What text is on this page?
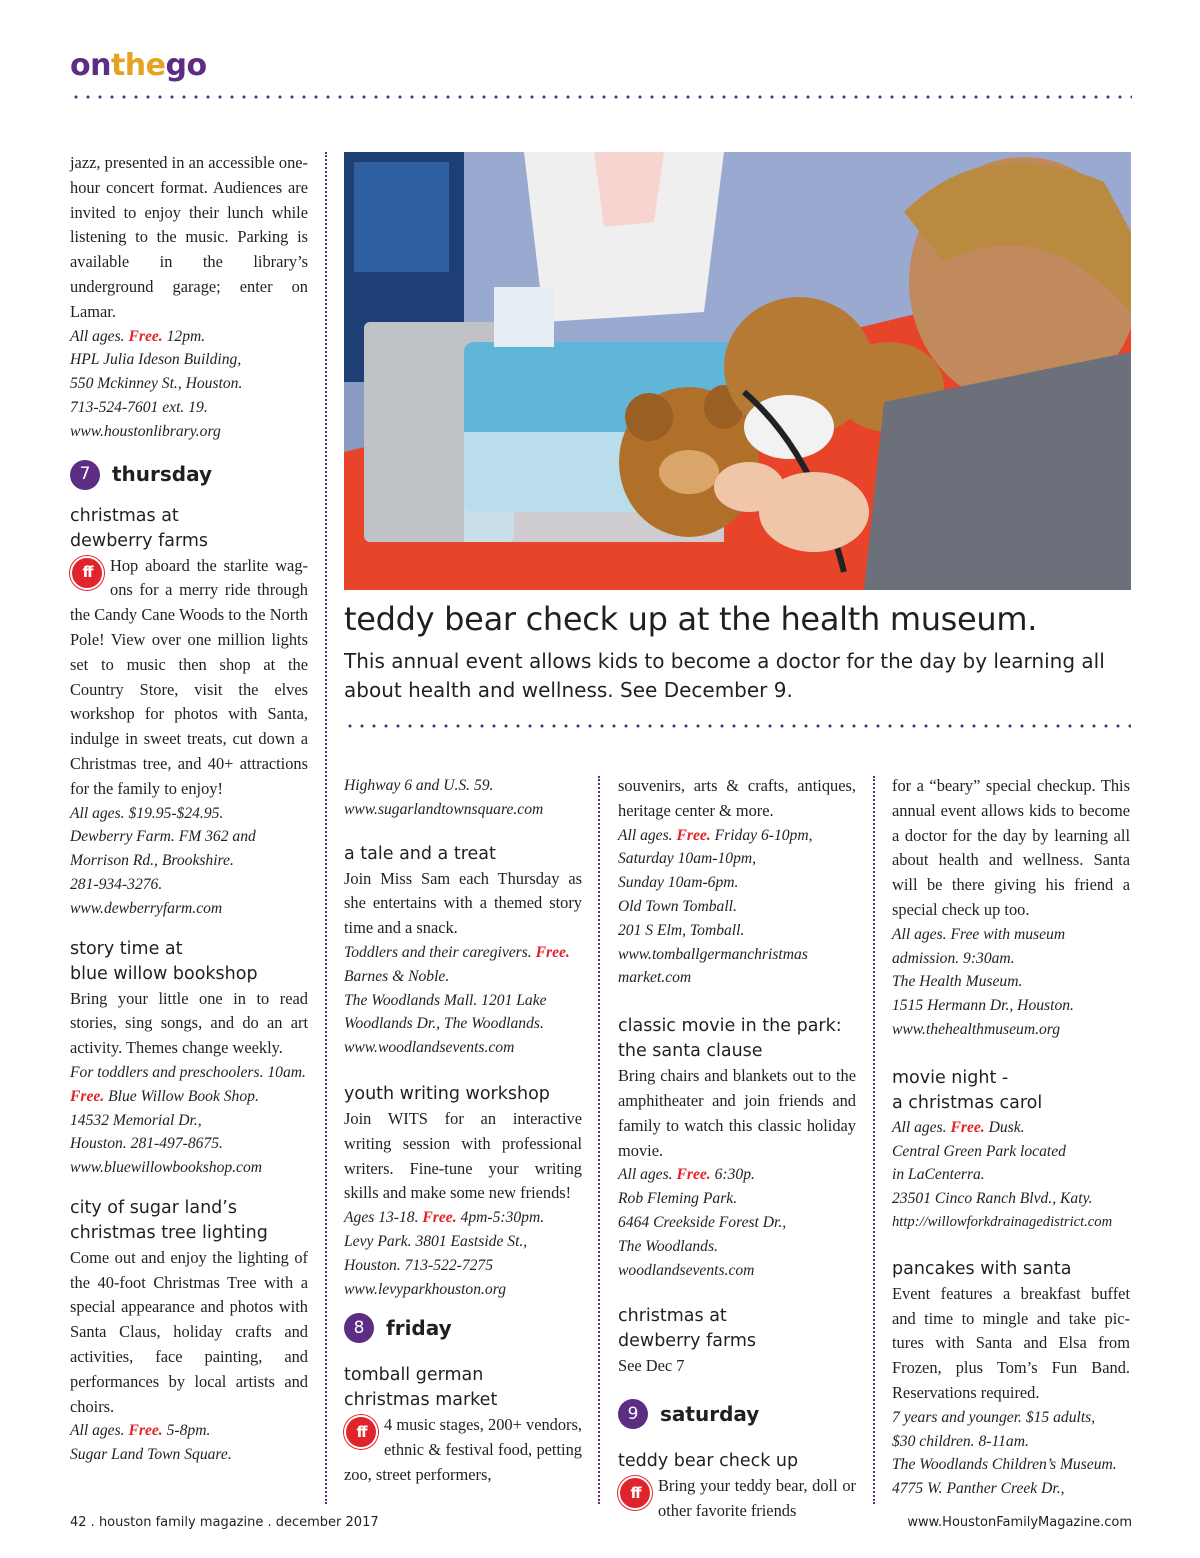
onthego

jazz, presented in an accessible one-hour concert format. Audiences are invited to enjoy their lunch while listening to the music. Parking is available in the library’s underground garage; enter on Lamar.

All ages. Free. 12pm.
HPL Julia Ideson Building,
550 Mckinney St., Houston.
713-524-7601 ext. 19.
www.houstonlibrary.org
7	thursday
christmas at
dewberry farms
ff	Hop aboard the starlite wagons for a merry ride through the Candy Cane Woods to the North Pole! View over one million lights set to music then shop at the Country Store, visit the elves workshop for photos with Santa, indulge in sweet treats, cut down a Christmas tree, and 40+ attractions for the family to enjoy!

All ages. $19.95-$24.95.
Dewberry Farm. FM 362 and
Morrison Rd., Brookshire.
281-934-3276.
www.dewberryfarm.com
story time at
blue willow bookshop

Bring your little one in to read stories, sing songs, and do an art activity. Themes change weekly.

For toddlers and preschoolers. 10am.
Free. Blue Willow Book Shop.
14532 Memorial Dr.,
Houston. 281-497-8675.
www.bluewillowbookshop.com
city of sugar land’s
christmas tree lighting

Come out and enjoy the lighting of the 40-foot Christmas Tree with a special appearance and photos with Santa Claus, holiday crafts and activities, face painting, and performances by local artists and choirs.

All ages. Free. 5-8pm.
Sugar Land Town Square.
teddy bear check up at the health museum.
This annual event allows kids to become a doctor for the day by learning all about health and wellness. See December 9.
Highway 6 and U.S. 59.
www.sugarlandtownsquare.com
a tale and a treat

Join Miss Sam each Thursday as she entertains with a themed story time and a snack.

Toddlers and their caregivers. Free.
Barnes & Noble.
The Woodlands Mall. 1201 Lake
Woodlands Dr., The Woodlands.
www.woodlandsevents.com
youth writing workshop

Join WITS for an interactive writing session with professional writers. Fine-tune your writing skills and make some new friends!

Ages 13-18. Free. 4pm-5:30pm.
Levy Park. 3801 Eastside St.,
Houston. 713-522-7275
www.levyparkhouston.org
8	friday
tomball german
christmas market
ff	4 music stages, 200+ vendors, ethnic & festival food, petting zoo, street performers,

souvenirs, arts & crafts, antiques, heritage center & more.

All ages. Free. Friday 6-10pm,
Saturday 10am-10pm,
Sunday 10am-6pm.
Old Town Tomball.
201 S Elm, Tomball.
www.tomballgermanchristmas
market.com
classic movie in the park:
the santa clause

Bring chairs and blankets out to the amphitheater and join friends and family to watch this classic holiday movie.

All ages. Free. 6:30p.
Rob Fleming Park.
6464 Creekside Forest Dr.,
The Woodlands. woodlandsevents.com
christmas at
dewberry farms

See Dec 7

9	saturday
teddy bear check up
ff	Bring your teddy bear, doll or other favorite friends

for a “beary” special checkup. This annual event allows kids to become a doctor for the day by learning all about health and wellness. Santa will be there giving his friend a special check up too.

All ages. Free with museum
admission. 9:30am.
The Health Museum.
1515 Hermann Dr., Houston.
www.thehealthmuseum.org
movie night -
a christmas carol
All ages. Free. Dusk.
Central Green Park located
in LaCenterra.
23501 Cinco Ranch Blvd., Katy.
http://willowforkdrainagedistrict.com
pancakes with santa

Event features a breakfast buffet and time to mingle and take pictures with Santa and Elsa from Frozen, plus Tom’s Fun Band. Reservations required.

7 years and younger. $15 adults,
$30 children. 8-11am.
The Woodlands Children’s Museum.
4775 W. Panther Creek Dr.,
42 . houston family magazine . december 2017	www.HoustonFamilyMagazine.com
